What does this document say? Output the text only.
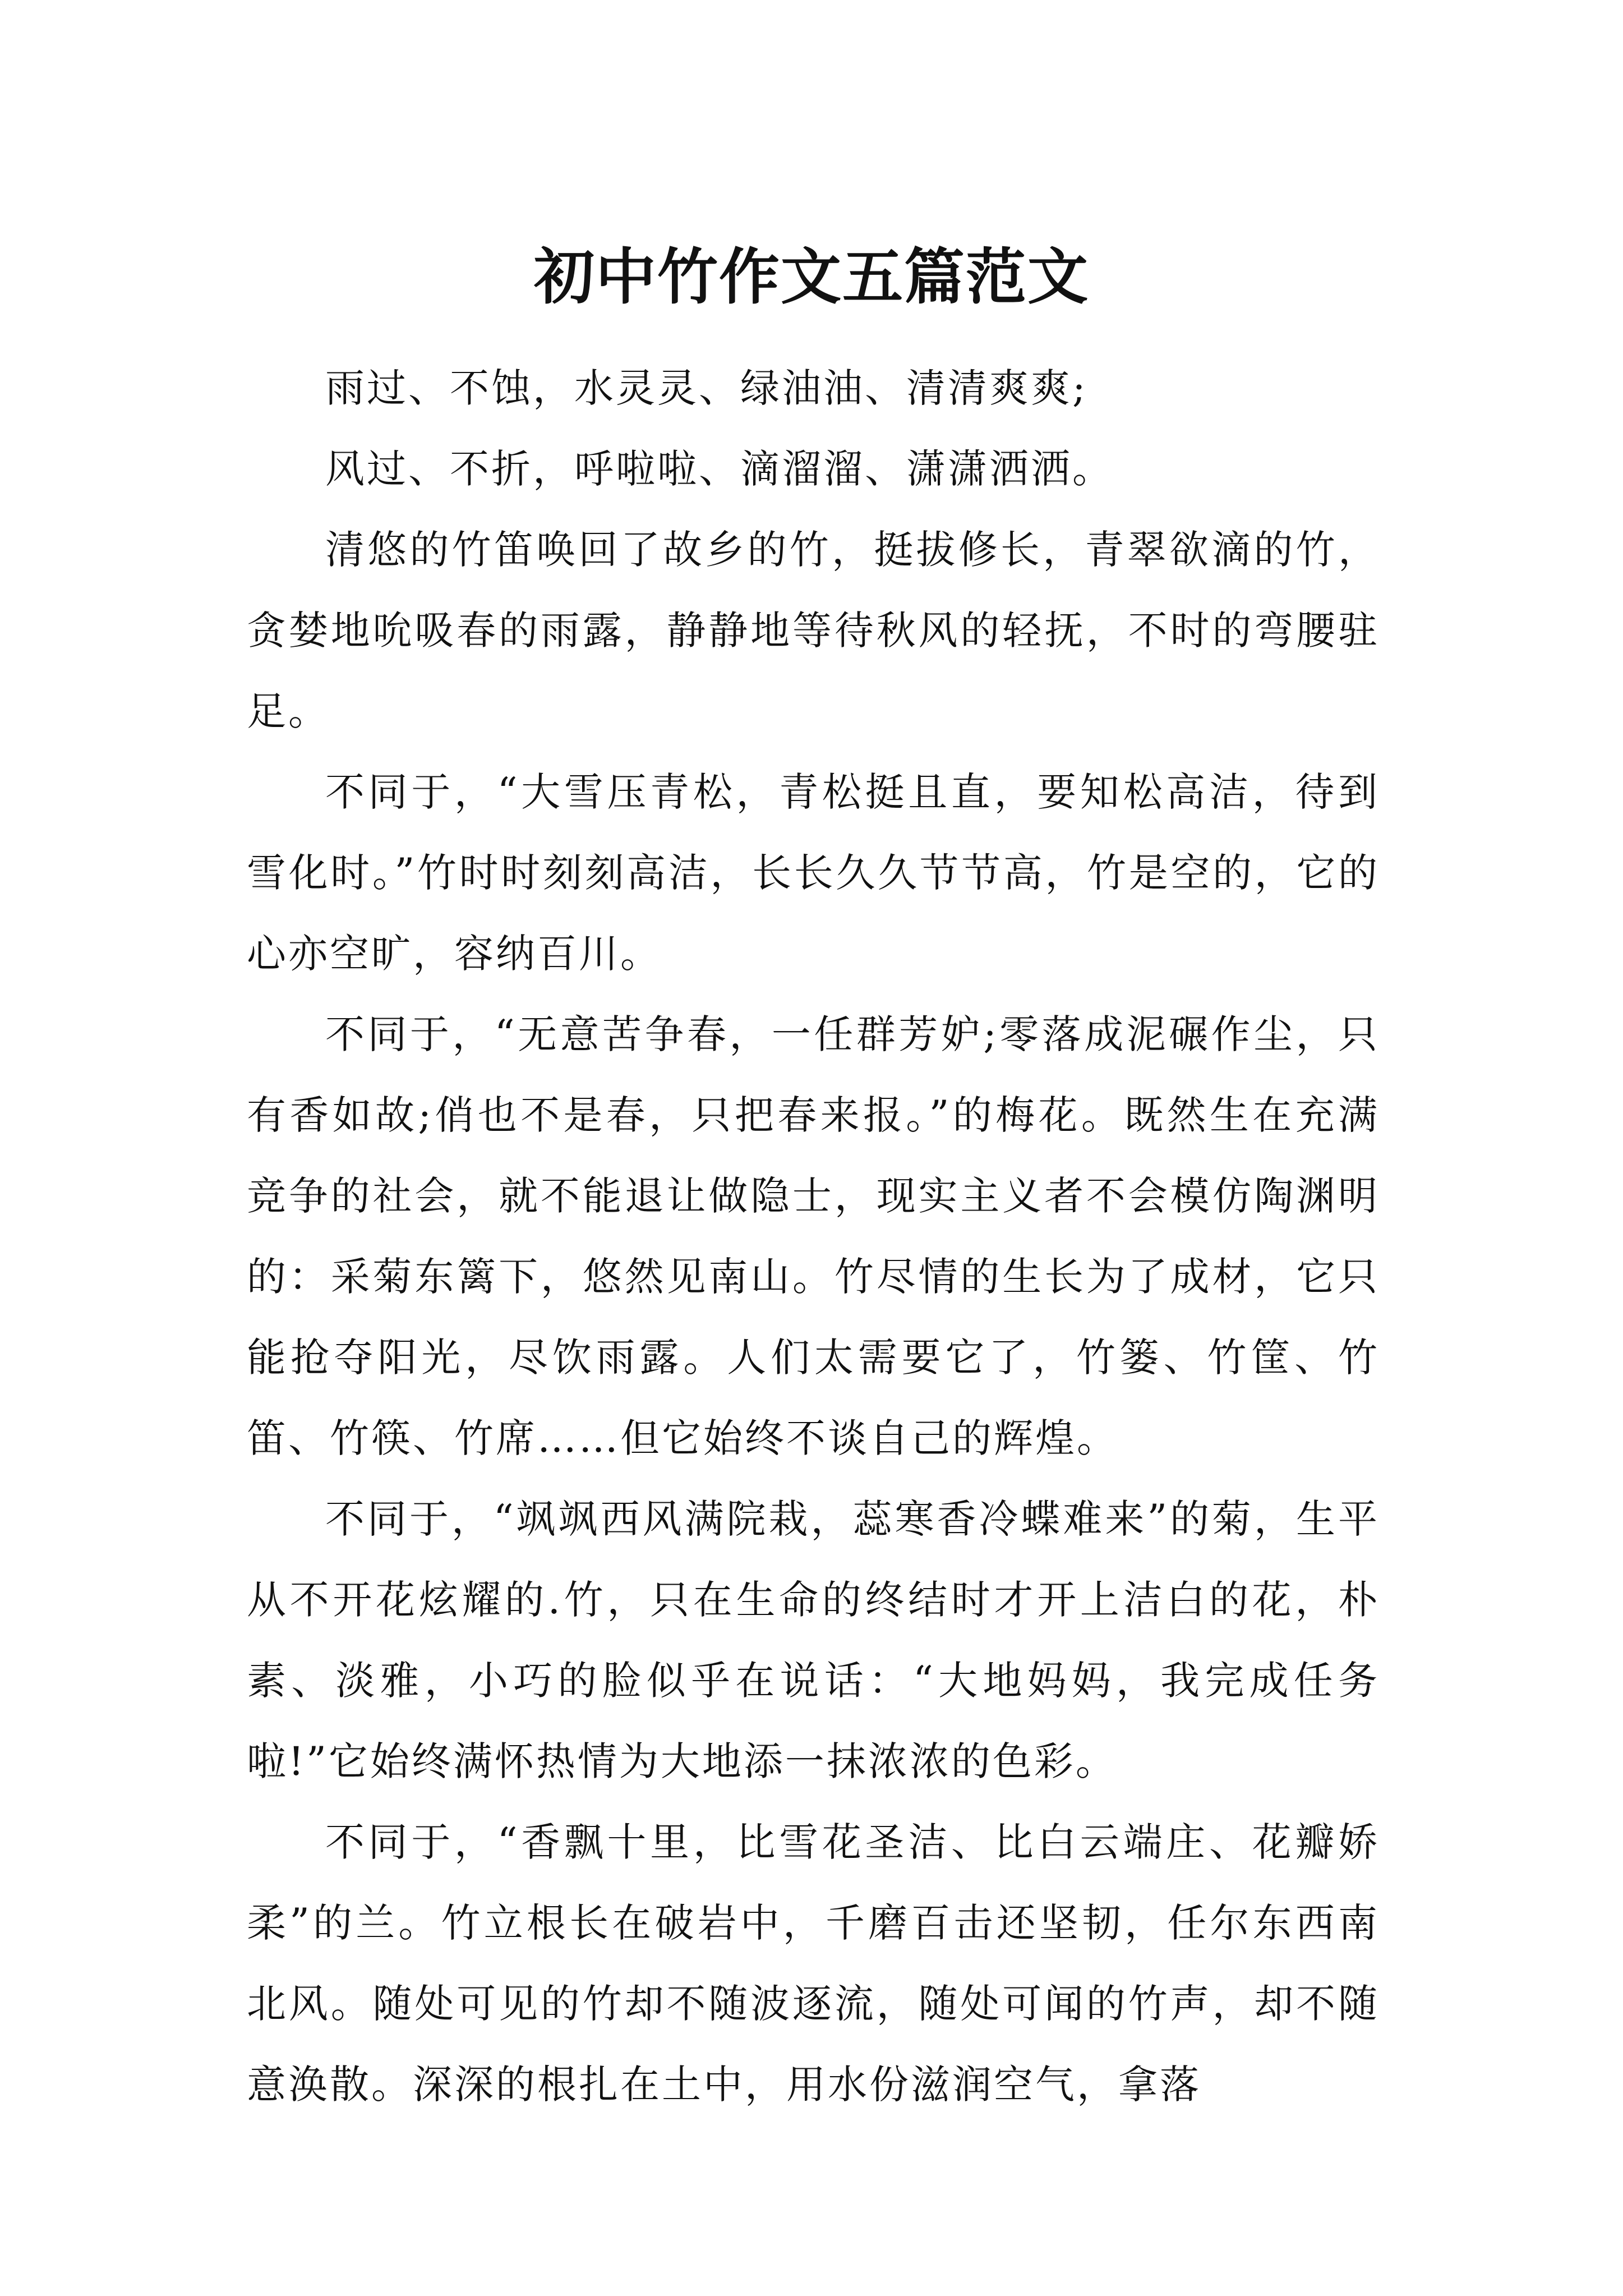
初中竹作文五篇范文

雨过、不蚀，水灵灵、绿油油、清清爽爽;

风过、不折，呼啦啦、滴溜溜、潇潇洒洒。

清悠的竹笛唤回了故乡的竹，挺拔修长，青翠欲滴的竹，贪婪地吮吸春的雨露，静静地等待秋风的轻抚，不时的弯腰驻足。

不同于，“大雪压青松，青松挺且直，要知松高洁，待到雪化时。”竹时时刻刻高洁，长长久久节节高，竹是空的，它的心亦空旷，容纳百川。

不同于，“无意苦争春，一任群芳妒;零落成泥碾作尘，只有香如故;俏也不是春，只把春来报。”的梅花。既然生在充满竞争的社会，就不能退让做隐士，现实主义者不会模仿陶渊明的：采菊东篱下，悠然见南山。竹尽情的生长为了成材，它只能抢夺阳光，尽饮雨露。人们太需要它了，竹篓、竹筐、竹笛、竹筷、竹席……但它始终不谈自己的辉煌。

不同于，“飒飒西风满院栽，蕊寒香冷蝶难来”的菊，生平从不开花炫耀的.竹，只在生命的终结时才开上洁白的花，朴素、淡雅，小巧的脸似乎在说话：“大地妈妈，我完成任务啦!”它始终满怀热情为大地添一抹浓浓的色彩。

不同于，“香飘十里，比雪花圣洁、比白云端庄、花瓣娇柔”的兰。竹立根长在破岩中，千磨百击还坚韧，任尔东西南北风。随处可见的竹却不随波逐流，随处可闻的竹声，却不随意涣散。深深的根扎在土中，用水份滋润空气，拿落
